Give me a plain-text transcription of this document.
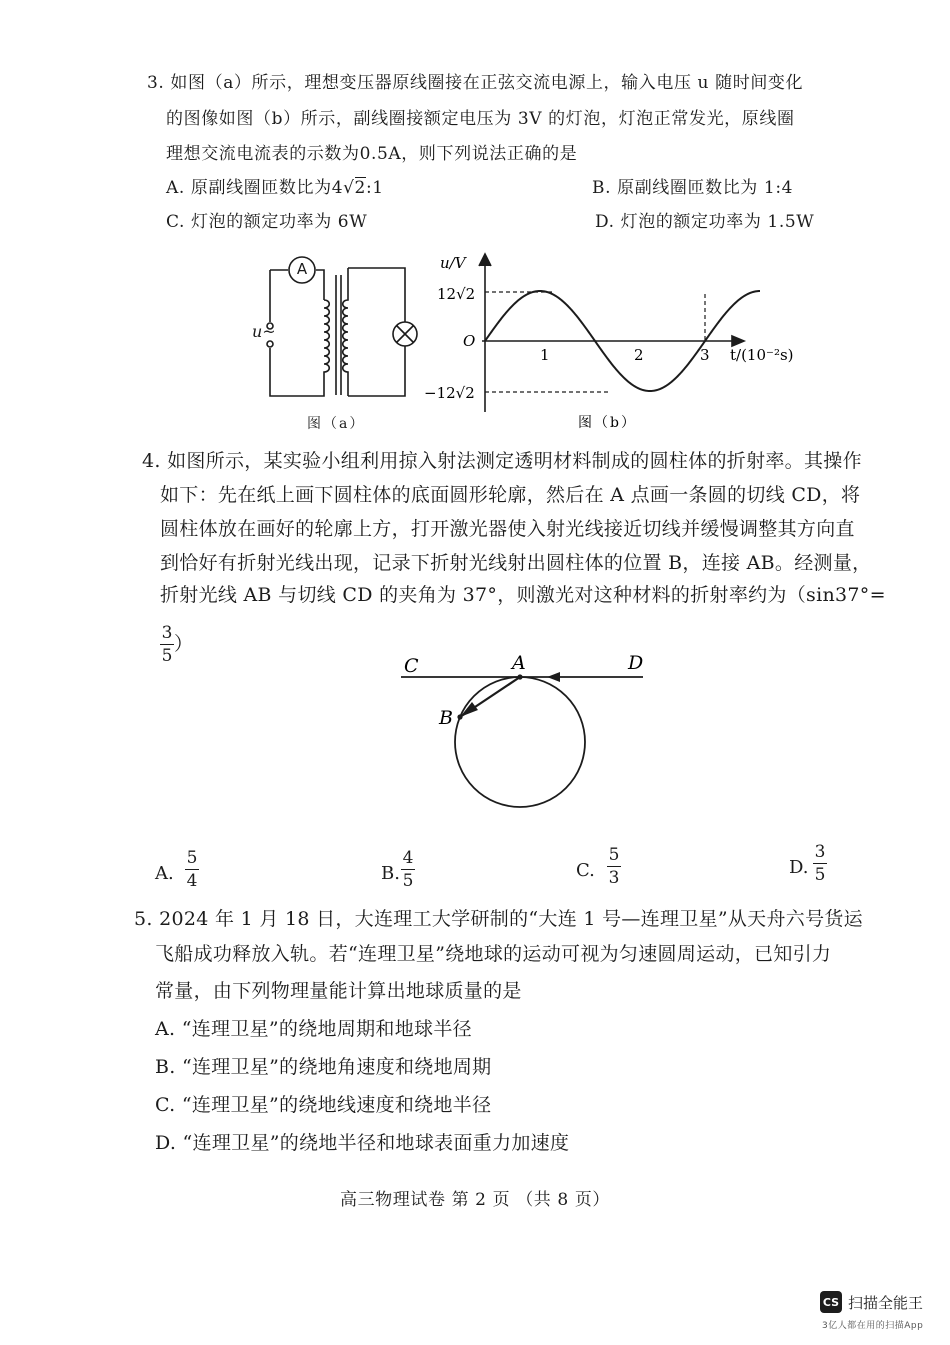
3. 如图（a）所示，理想变压器原线圈接在正弦交流电源上，输入电压 u 随时间变化
的图像如图（b）所示，副线圈接额定电压为 3V 的灯泡，灯泡正常发光，原线圈
理想交流电流表的示数为0.5A，则下列说法正确的是
A. 原副线圈匝数比为4√2:1	B. 原副线圈匝数比为 1:4
C. 灯泡的额定功率为 6W	D. 灯泡的额定功率为 1.5W
A
u~
图（a）
1	2	3
O
12√2
−12√2
u/V
t/(10⁻²s)
图（b）
4. 如图所示，某实验小组利用掠入射法测定透明材料制成的圆柱体的折射率。其操作
如下：先在纸上画下圆柱体的底面圆形轮廓，然后在 A 点画一条圆的切线 CD，将
圆柱体放在画好的轮廓上方，打开激光器使入射光线接近切线并缓慢调整其方向直
到恰好有折射光线出现，记录下折射光线射出圆柱体的位置 B，连接 AB。经测量，
折射光线 AB 与切线 CD 的夹角为 37°，则激光对这种材料的折射率约为（sin37°=
3
5
）
C	A	D
B
A.
5
4	B.
4
5
C.
5
3
D.
3
5
5. 2024 年 1 月 18 日，大连理工大学研制的“大连 1 号—连理卫星”从天舟六号货运
飞船成功释放入轨。若“连理卫星”绕地球的运动可视为匀速圆周运动，已知引力
常量，由下列物理量能计算出地球质量的是
A. “连理卫星”的绕地周期和地球半径
B. “连理卫星”的绕地角速度和绕地周期
C. “连理卫星”的绕地线速度和绕地半径
D. “连理卫星”的绕地半径和地球表面重力加速度
高三物理试卷 第 2 页 （共 8 页）
CS 扫描全能王
3亿人都在用的扫描App
